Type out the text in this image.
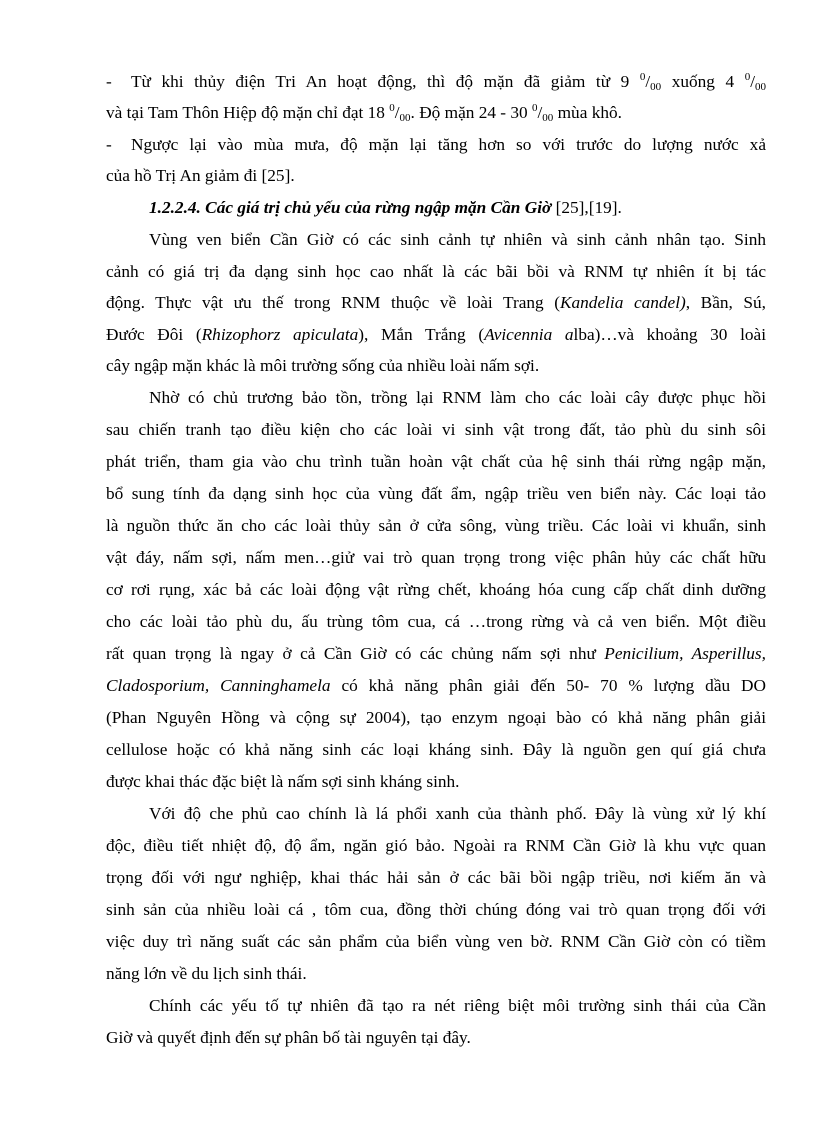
- Từ khi thủy điện Tri An hoạt động, thì độ mặn đã giảm từ 9 $^0/_{00}$ xuống 4 $^0/_{00}$
và tại Tam Thôn Hiệp độ mặn chỉ đạt 18 $^0/_{00}$. Độ mặn 24 - 30 $^0/_{00}$ mùa khô.
- Ngược lại vào mùa mưa, độ mặn lại tăng hơn so với trước do lượng nước xả
của hồ Trị An giảm đi [25].
1.2.2.4. Các giá trị chủ yếu của rừng ngập mặn Cần Giờ [25],[19].
Vùng ven biển Cần Giờ có các sinh cảnh tự nhiên và sinh cảnh nhân tạo. Sinh
cảnh có giá trị đa dạng sinh học cao nhất là các bãi bồi và RNM tự nhiên ít bị tác
động. Thực vật ưu thế trong RNM thuộc về loài Trang (Kandelia candel), Bần, Sú,
Đước Đôi (Rhizophorz apiculata), Mắn Trắng (Avicennia alba)…và khoảng 30 loài
cây ngập mặn khác là môi trường sống của nhiều loài nấm sợi.
Nhờ có chủ trương bảo tồn, trồng lại RNM làm cho các loài cây được phục hồi
sau chiến tranh tạo điều kiện cho các loài vi sinh vật trong đất, tảo phù du sinh sôi
phát triển, tham gia vào chu trình tuần hoàn vật chất của hệ sinh thái rừng ngập mặn,
bổ sung tính đa dạng sinh học của vùng đất ẩm, ngập triều ven biển này. Các loại tảo
là nguồn thức ăn cho các loài thủy sản ở cửa sông, vùng triều. Các loài vi khuẩn, sinh
vật đáy, nấm sợi, nấm men…giử vai trò quan trọng trong việc phân hủy các chất hữu
cơ rơi rụng, xác bả các loài động vật rừng chết, khoáng hóa cung cấp chất dinh dưỡng
cho các loài tảo phù du, ấu trùng tôm cua, cá …trong rừng và cả ven biển. Một điều
rất quan trọng là ngay ở cả Cần Giờ có các chủng nấm sợi như Penicilium, Asperillus,
Cladosporium, Canninghamela có khả năng phân giải đến 50- 70 % lượng dầu DO
(Phan Nguyên Hồng và cộng sự 2004), tạo enzym ngoại bào có khả năng phân giải
cellulose hoặc có khả năng sinh các loại kháng sinh. Đây là nguồn gen quí giá chưa
được khai thác đặc biệt là nấm sợi sinh kháng sinh.
Với độ che phủ cao chính là lá phổi xanh của thành phố. Đây là vùng xử lý khí
độc, điều tiết nhiệt độ, độ ẩm, ngăn gió bảo. Ngoài ra RNM Cần Giờ là khu vực quan
trọng đối với ngư nghiệp, khai thác hải sản ở các bãi bồi ngập triều, nơi kiếm ăn và
sinh sản của nhiều loài cá , tôm cua, đồng thời chúng đóng vai trò quan trọng đối với
việc duy trì năng suất các sản phẩm của biển vùng ven bờ. RNM Cần Giờ còn có tiềm
năng lớn về du lịch sinh thái.
Chính các yếu tố tự nhiên đã tạo ra nét riêng biệt môi trường sinh thái của Cần
Giờ và quyết định đến sự phân bố tài nguyên tại đây.
